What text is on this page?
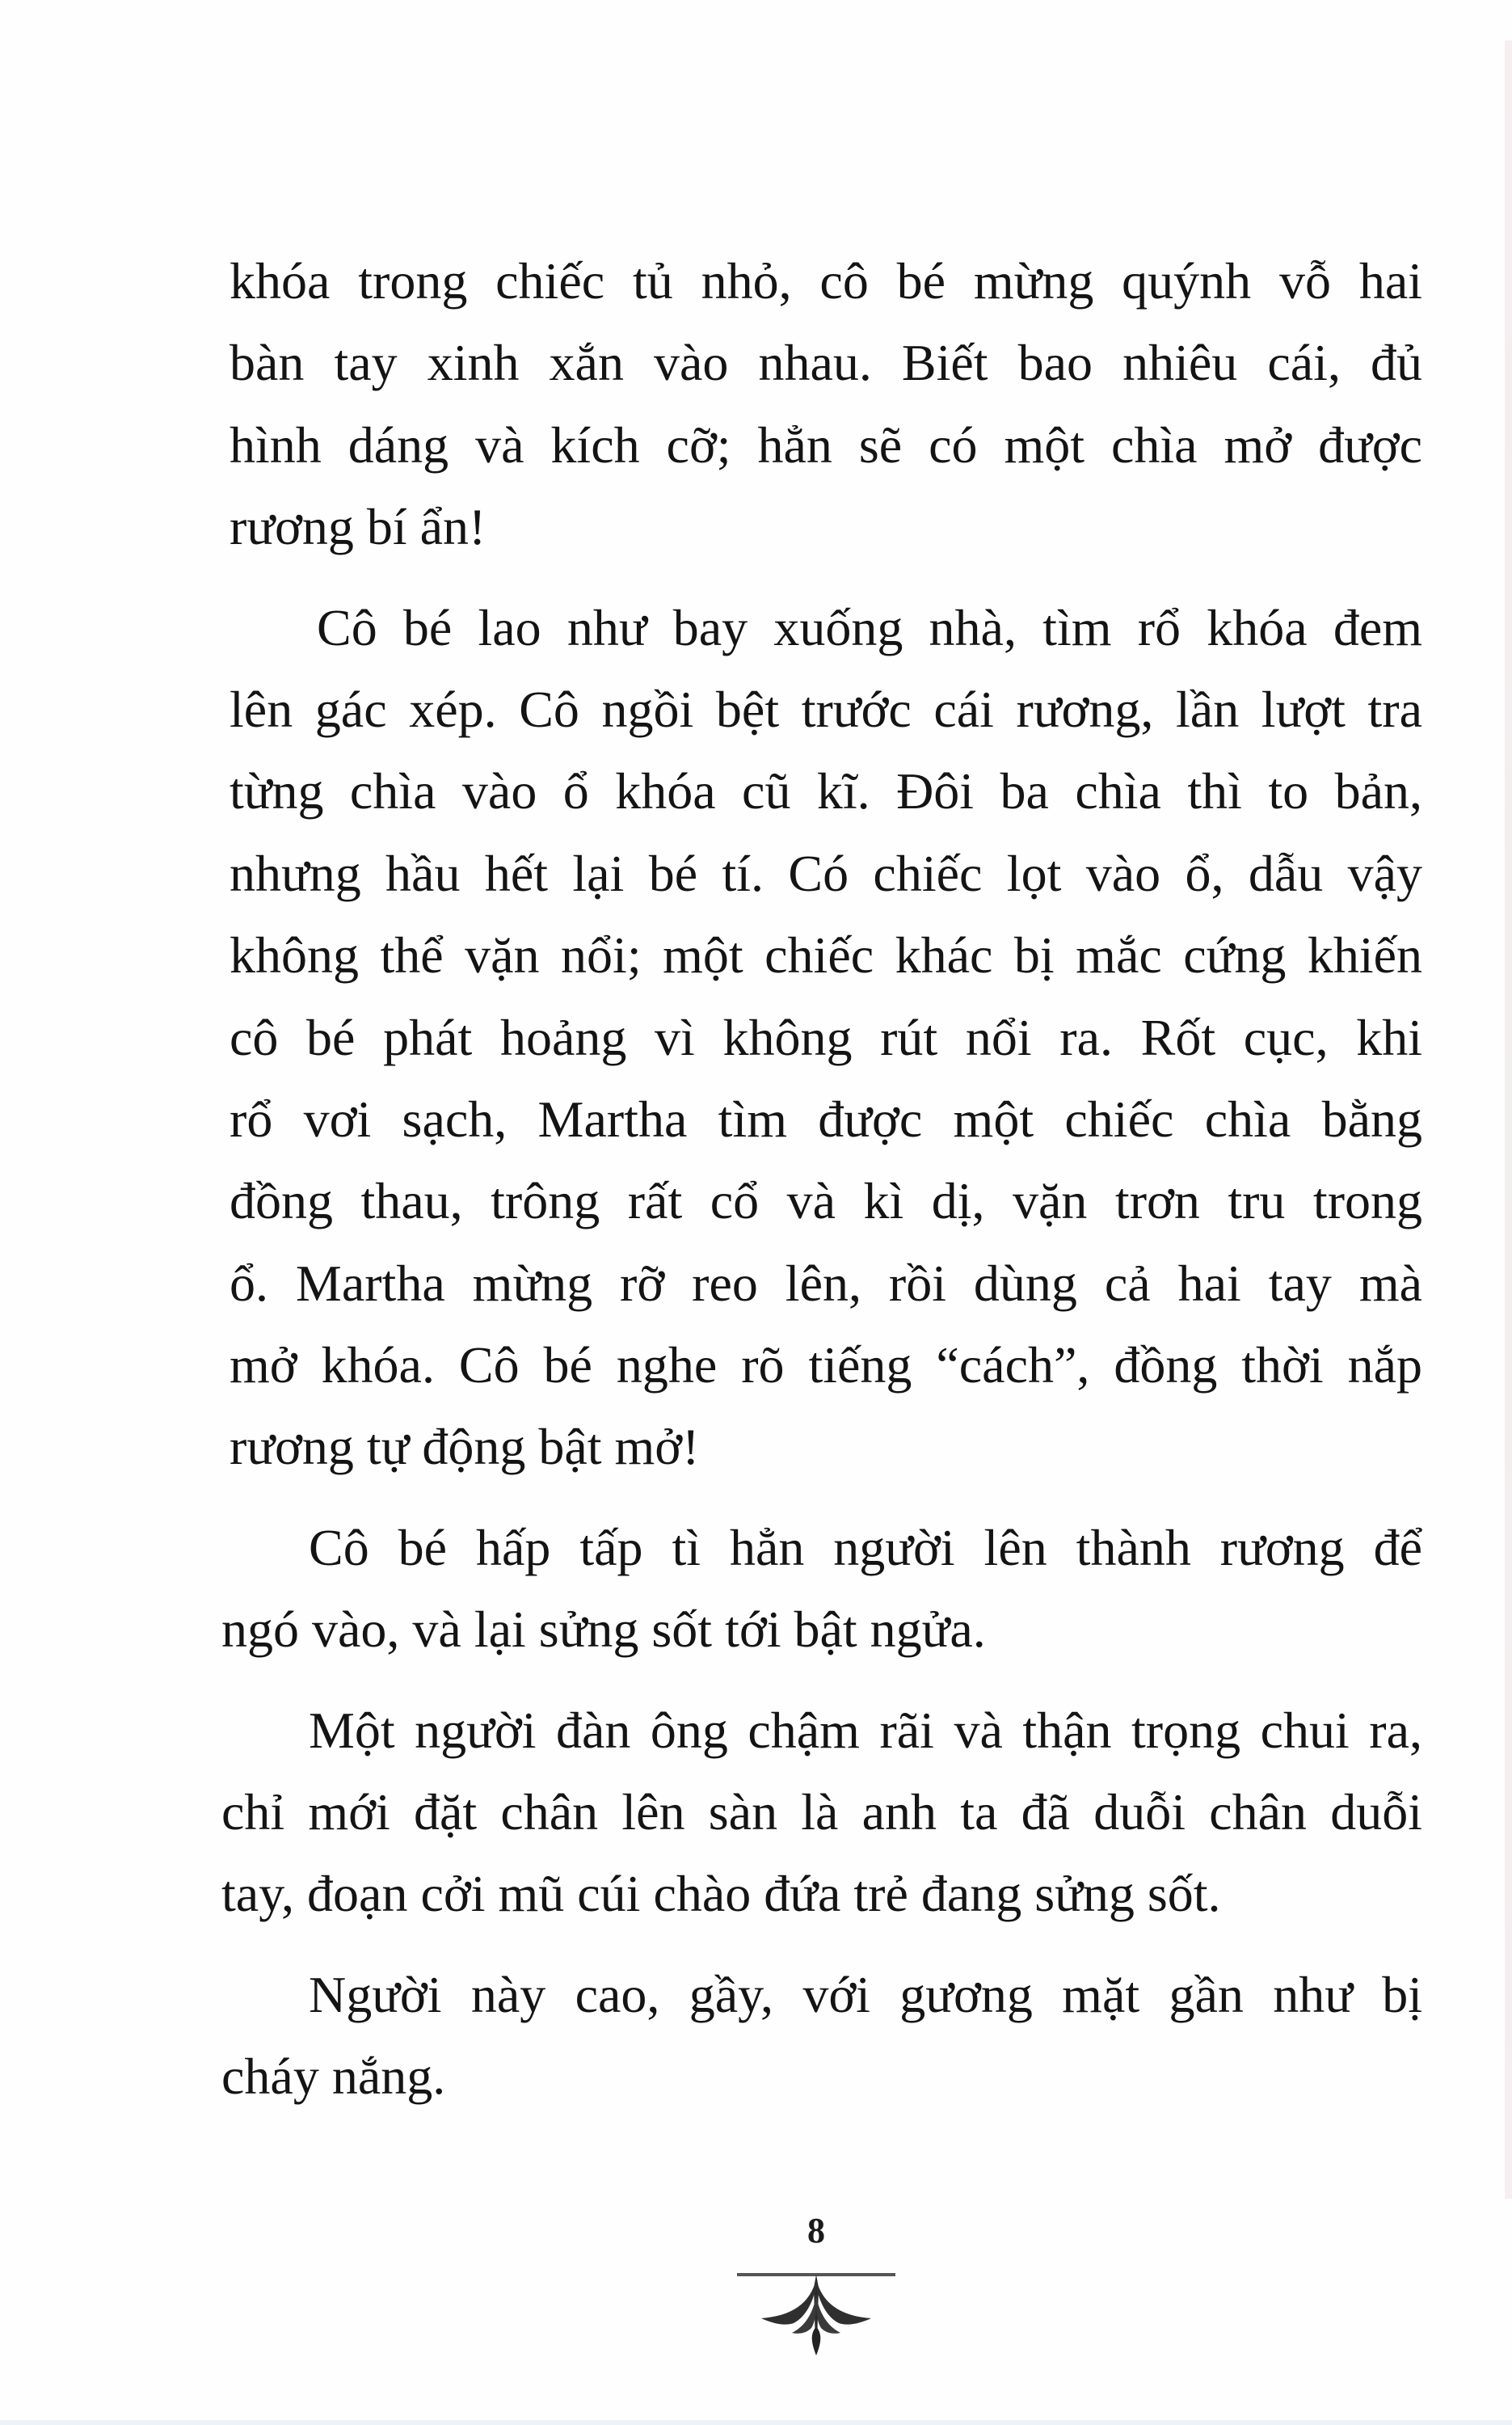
khóa trong chiếc tủ nhỏ, cô bé mừng quýnh vỗ hai
bàn tay xinh xắn vào nhau. Biết bao nhiêu cái, đủ
hình dáng và kích cỡ; hẳn sẽ có một chìa mở được
rương bí ẩn!
Cô bé lao như bay xuống nhà, tìm rổ khóa đem
lên gác xép. Cô ngồi bệt trước cái rương, lần lượt tra
từng chìa vào ổ khóa cũ kĩ. Đôi ba chìa thì to bản,
nhưng hầu hết lại bé tí. Có chiếc lọt vào ổ, dẫu vậy
không thể vặn nổi; một chiếc khác bị mắc cứng khiến
cô bé phát hoảng vì không rút nổi ra. Rốt cục, khi
rổ vơi sạch, Martha tìm được một chiếc chìa bằng
đồng thau, trông rất cổ và kì dị, vặn trơn tru trong
ổ. Martha mừng rỡ reo lên, rồi dùng cả hai tay mà
mở khóa. Cô bé nghe rõ tiếng “cách”, đồng thời nắp
rương tự động bật mở!
Cô bé hấp tấp tì hẳn người lên thành rương để
ngó vào, và lại sửng sốt tới bật ngửa.
Một người đàn ông chậm rãi và thận trọng chui ra,
chỉ mới đặt chân lên sàn là anh ta đã duỗi chân duỗi
tay, đoạn cởi mũ cúi chào đứa trẻ đang sửng sốt.
Người này cao, gầy, với gương mặt gần như bị
cháy nắng.
8
